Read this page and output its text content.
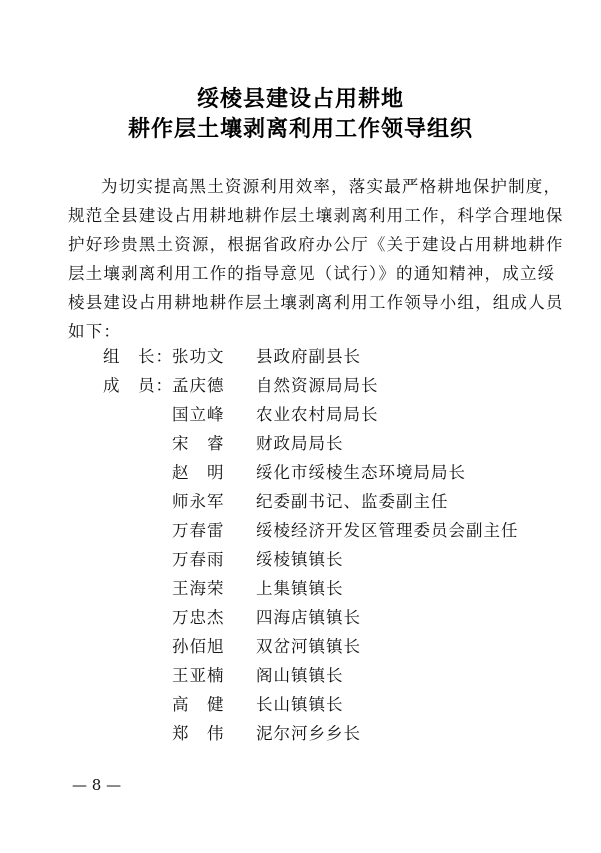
绥棱县建设占用耕地
耕作层土壤剥离利用工作领导组织
为切实提高黑土资源利用效率，落实最严格耕地保护制度，
规范全县建设占用耕地耕作层土壤剥离利用工作，科学合理地保
护好珍贵黑土资源，根据省政府办公厅《关于建设占用耕地耕作
层土壤剥离利用工作的指导意见（试行）》的通知精神，成立绥
棱县建设占用耕地耕作层土壤剥离利用工作领导小组，组成人员
如下：
组　长： 张功文 县政府副县长
成　员： 孟庆德 自然资源局局长
国立峰 农业农村局局长
宋　睿 财政局局长
赵　明 绥化市绥棱生态环境局局长
师永军 纪委副书记、监委副主任
万春雷 绥棱经济开发区管理委员会副主任
万春雨 绥棱镇镇长
王海荣 上集镇镇长
万忠杰 四海店镇镇长
孙佰旭 双岔河镇镇长
王亚楠 阁山镇镇长
高　健 长山镇镇长
郑　伟 泥尔河乡乡长
— 8 —
